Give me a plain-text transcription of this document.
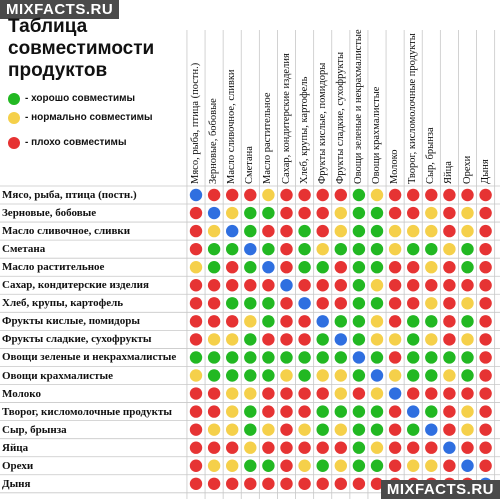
MIXFACTS.RU
Таблица
совместимости
продуктов
- хорошо совместимы
- нормально совместимы
- плохо совместимы	Мясо, рыба, птица (постн.) Зерновые, бобовые Масло сливочное, сливки Сметана Масло растительное Сахар, кондитерские изделия Хлеб, крупы, картофель Фрукты кислые, помидоры Фрукты сладкие, сухофрукты Овощи зеленые и некрахмалистые Овощи крахмалистые Молоко Творог, кисломолочные продукты Сыр, брынза Яйца Орехи Дыня
Мясо, рыба, птица (постн.)
Зерновые, бобовые
Масло сливочное, сливки
Сметана
Масло растительное
Сахар, кондитерские изделия
Хлеб, крупы, картофель
Фрукты кислые, помидоры
Фрукты сладкие, сухофрукты
Овощи зеленые и некрахмалистые
Овощи крахмалистые
Молоко
Творог, кисломолочные продукты
Сыр, брынза
Яйца
Орехи
Дыня	MIXFACTS.RU
